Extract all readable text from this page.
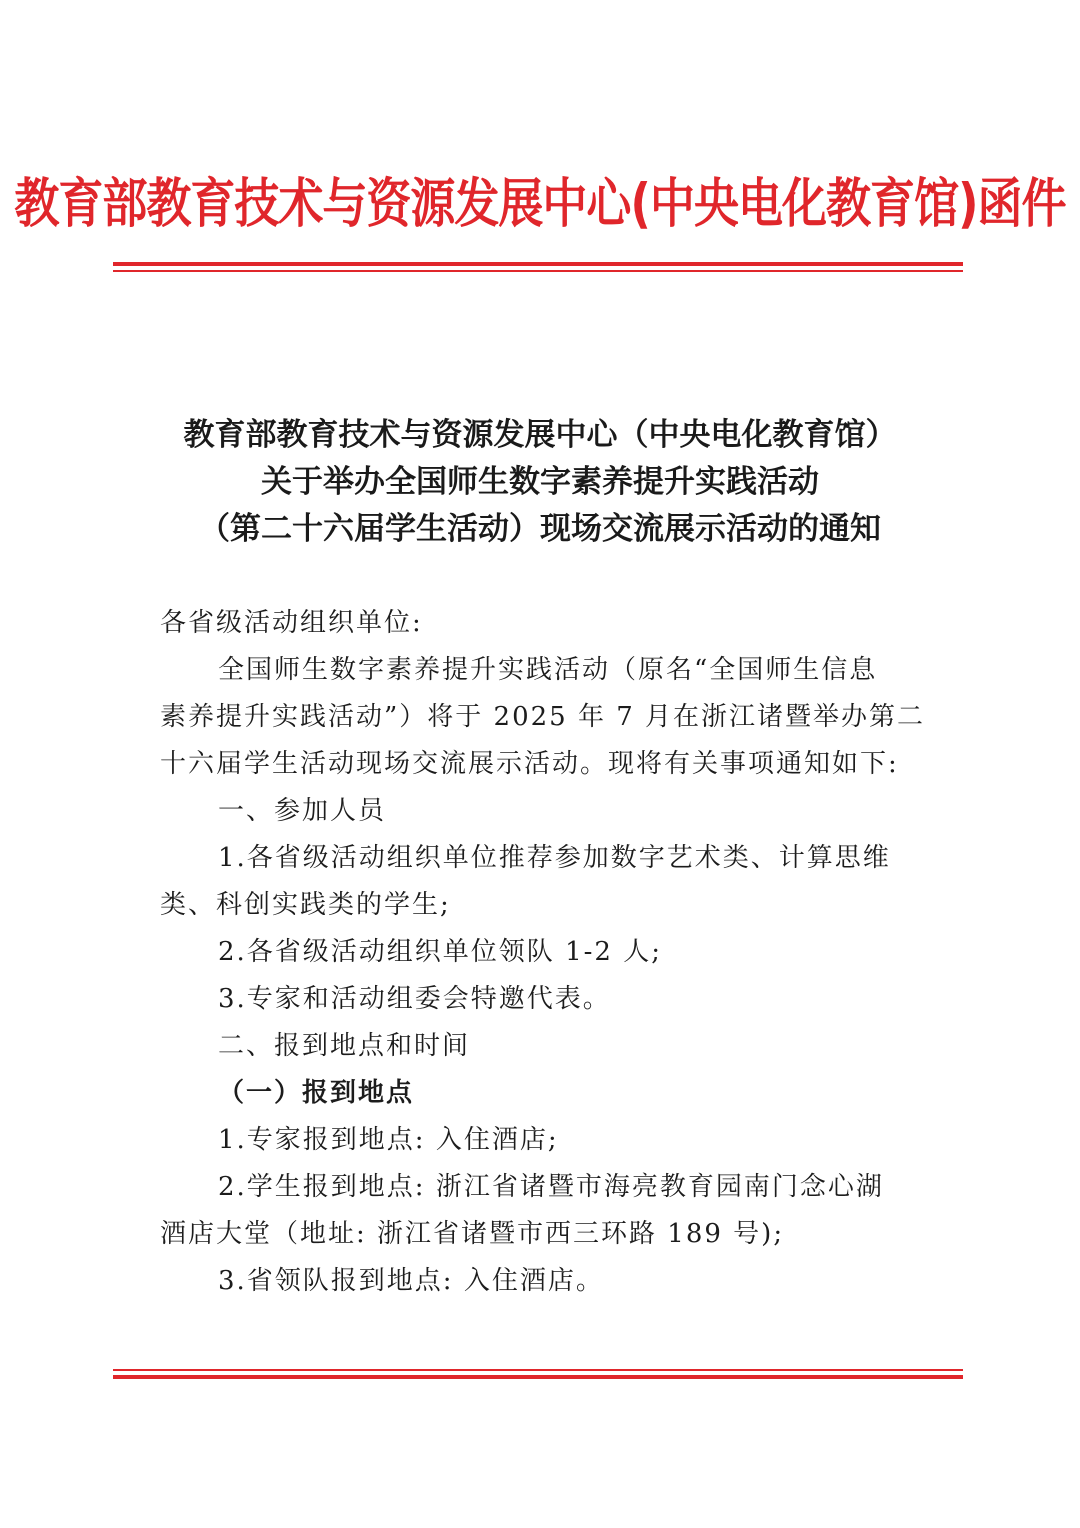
教育部教育技术与资源发展中心(中央电化教育馆)函件
教育部教育技术与资源发展中心（中央电化教育馆）
关于举办全国师生数字素养提升实践活动
（第二十六届学生活动）现场交流展示活动的通知

各省级活动组织单位:

全国师生数字素养提升实践活动（原名“全国师生信息

素养提升实践活动”）将于 2025 年 7 月在浙江诸暨举办第二

十六届学生活动现场交流展示活动。现将有关事项通知如下:

一、参加人员

1.各省级活动组织单位推荐参加数字艺术类、计算思维

类、科创实践类的学生;

2.各省级活动组织单位领队 1-2 人;

3.专家和活动组委会特邀代表。

二、报到地点和时间

（一）报到地点

1.专家报到地点: 入住酒店;

2.学生报到地点: 浙江省诸暨市海亮教育园南门念心湖

酒店大堂（地址: 浙江省诸暨市西三环路 189 号);

3.省领队报到地点: 入住酒店。
